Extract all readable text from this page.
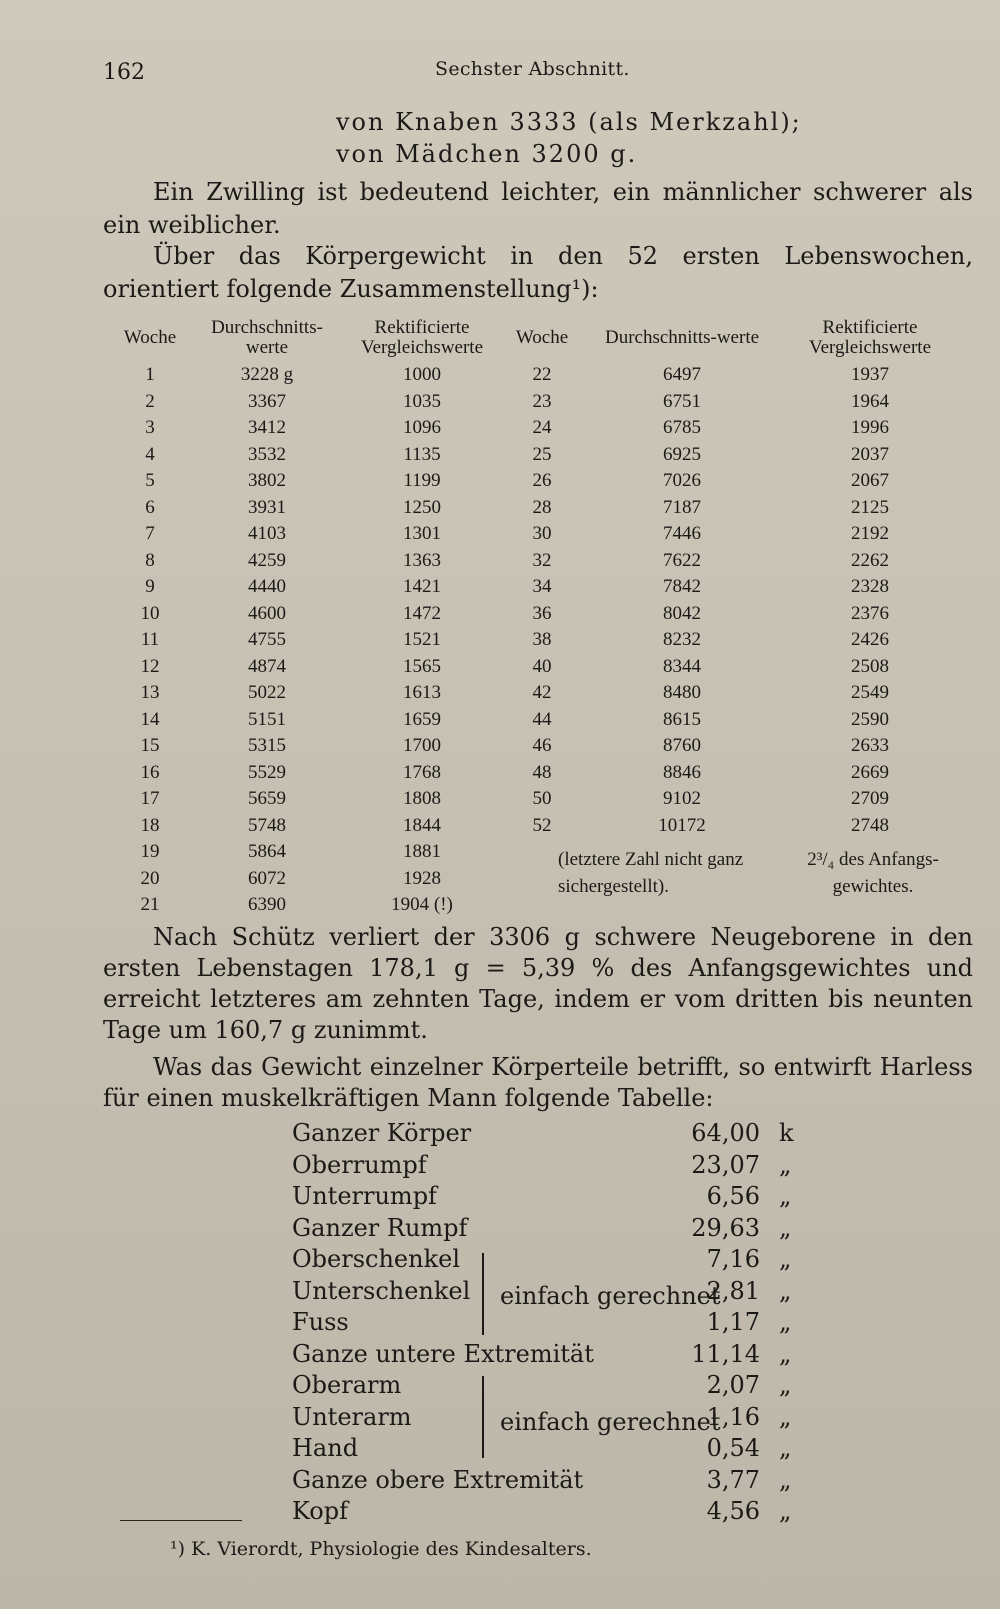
162	Sechster Abschnitt.
von Knaben 3333 (als Merkzahl);
von Mädchen 3200 g.
Ein Zwilling ist bedeutend leichter, ein männlicher schwerer als ein weiblicher.
Über das Körpergewicht in den 52 ersten Lebenswochen, orientiert folgende Zusammenstellung¹):
Woche	Durchschnitts-werte	Rektificierte Vergleichswerte	Woche	Durchschnitts-werte	Rektificierte Vergleichswerte
1	3228 g	1000	22	6497	1937
2	3367	1035	23	6751	1964
3	3412	1096	24	6785	1996
4	3532	1135	25	6925	2037
5	3802	1199	26	7026	2067
6	3931	1250	28	7187	2125
7	4103	1301	30	7446	2192
8	4259	1363	32	7622	2262
9	4440	1421	34	7842	2328
10	4600	1472	36	8042	2376
11	4755	1521	38	8232	2426
12	4874	1565	40	8344	2508
13	5022	1613	42	8480	2549
14	5151	1659	44	8615	2590
15	5315	1700	46	8760	2633
16	5529	1768	48	8846	2669
17	5659	1808	50	9102	2709
18	5748	1844	52	10172	2748
19	5864	1881			
20	6072	1928			
21	6390	1904 (!)			
(letztere Zahl nicht ganz sichergestellt).
2³/₄ des Anfangs-gewichtes.
Nach Schütz verliert der 3306 g schwere Neugeborene in den ersten Lebenstagen 178,1 g = 5,39 % des Anfangsgewichtes und erreicht letzteres am zehnten Tage, indem er vom dritten bis neunten Tage um 160,7 g zunimmt.
Was das Gewicht einzelner Körperteile betrifft, so entwirft Harless für einen muskelkräftigen Mann folgende Tabelle:
Ganzer Körper	64,00 k
Oberrumpf	23,07 „
Unterrumpf	6,56 „
Ganzer Rumpf	29,63 „
Oberschenkel	7,16 „
Unterschenkel	2,81 „
Fuss	1,17 „
Ganze untere Extremität	11,14 „
Oberarm	2,07 „
Unterarm	1,16 „
Hand	0,54 „
Ganze obere Extremität	3,77 „
Kopf	4,56 „
einfach gerechnet
einfach gerechnet
¹) K. Vierordt, Physiologie des Kindesalters.
